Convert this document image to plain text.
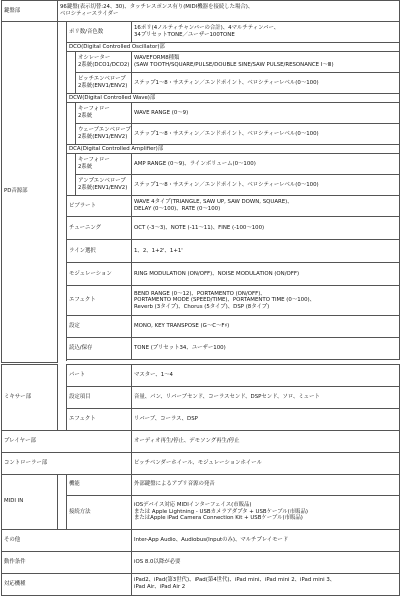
鍵盤部	96鍵盤(表示切替:24、30)、タッチレスポンス有り(MIDI機器を接続した場合)、
ベロシティースライダー			

PD音源部		ポリ数/音色数		16ポリ(4ノルティチャンバーの合計)、4マルチティンバー、
34プリセットTONE／ユーザー100TONE

		DCO(Digital Controlled Oscillator)部		

			オシレーター
2系統(DCO1/DCO2)	WAVEFORM8種類
(SAW TOOTH/SQUARE/PULSE/DOUBLE SINE/SAW PULSE/RESONANCE Ⅰ～Ⅲ)

			ピッチエンベロープ
2系統(ENV1/ENV2)	ステップ1～8・サスティン／エンドポイント、ベロシティーレベル(0～100)
		DCW(Digital Controlled Wave)部		

			キーフォロー
2系統	WAVE RANGE (0～9)

			ウェーブエンベロープ
2系統(ENV1/ENV2)	ステップ1～8・サスティン／エンドポイント、ベロシティーレベル(0～100)
		DCA(Digital Controlled Amplifier)部		

			キーフォロー
2系統	AMP RANGE (0～9)、ラインボリューム(0～100)

			アンプエンベロープ
2系統(ENV1/ENV2)	ステップ1～8・サスティン／エンドポイント、ベロシティーレベル(0～100)
		ビブラート		WAVE 4タイプ(TRIANGLE, SAW UP, SAW DOWN, SQUARE)、
DELAY (0～100)、RATE (0～100)

		チューニング		OCT (-3～3)、NOTE (-11～11)、FINE (-100～100)
		ライン選択		1、2、1+2'、1+1'
		モジュレーション		RING MODULATION (ON/OFF)、NOISE MODULATION (ON/OFF)
		エフェクト		BEND RANGE (0～12)、PORTAMENTO (ON/OFF)、
PORTAMENTO MODE (SPEED/TIME)、PORTAMENTO TIME (0～100)、
Reverb (3タイプ)、Chorus (5タイプ)、DSP (8タイプ)

		設定		MONO, KEY TRANSPOSE (G～C～F♯)
		読込/保存		TONE (プリセット34、ユーザー100)

ミキサー部		パート		マスター、1～4
		設定項目		音量、パン、リバーブセンド、コーラスセンド、DSPセンド、ソロ、ミュート
		エフェクト		リバーブ、コーラス、DSP
プレイヤー部				オーディオ再生/停止、デモソング再生/停止
コントローラー部				ピッチベンダーホイール、モジュレーションホイール
MIDI IN		機能		外部鍵盤によるアプリ音源の発音
		接続方法		iOSデバイス対応 MIDIインターフェイス(市販品)
または Apple Lightning - USBカメラアダプタ + USBケーブル(市販品)
またはApple iPad Camera Connection Kit + USBケーブル(市販品)

その他				Inter-App Audio、Audiobus(Inputのみ)、マルチプレイモード
動作条件				iOS 8.0以降が必要
対応機種				iPad2、iPad(第3世代)、iPad(第4世代)、iPad mini、iPad mini 2、iPad mini 3、
iPad Air、iPad Air 2
